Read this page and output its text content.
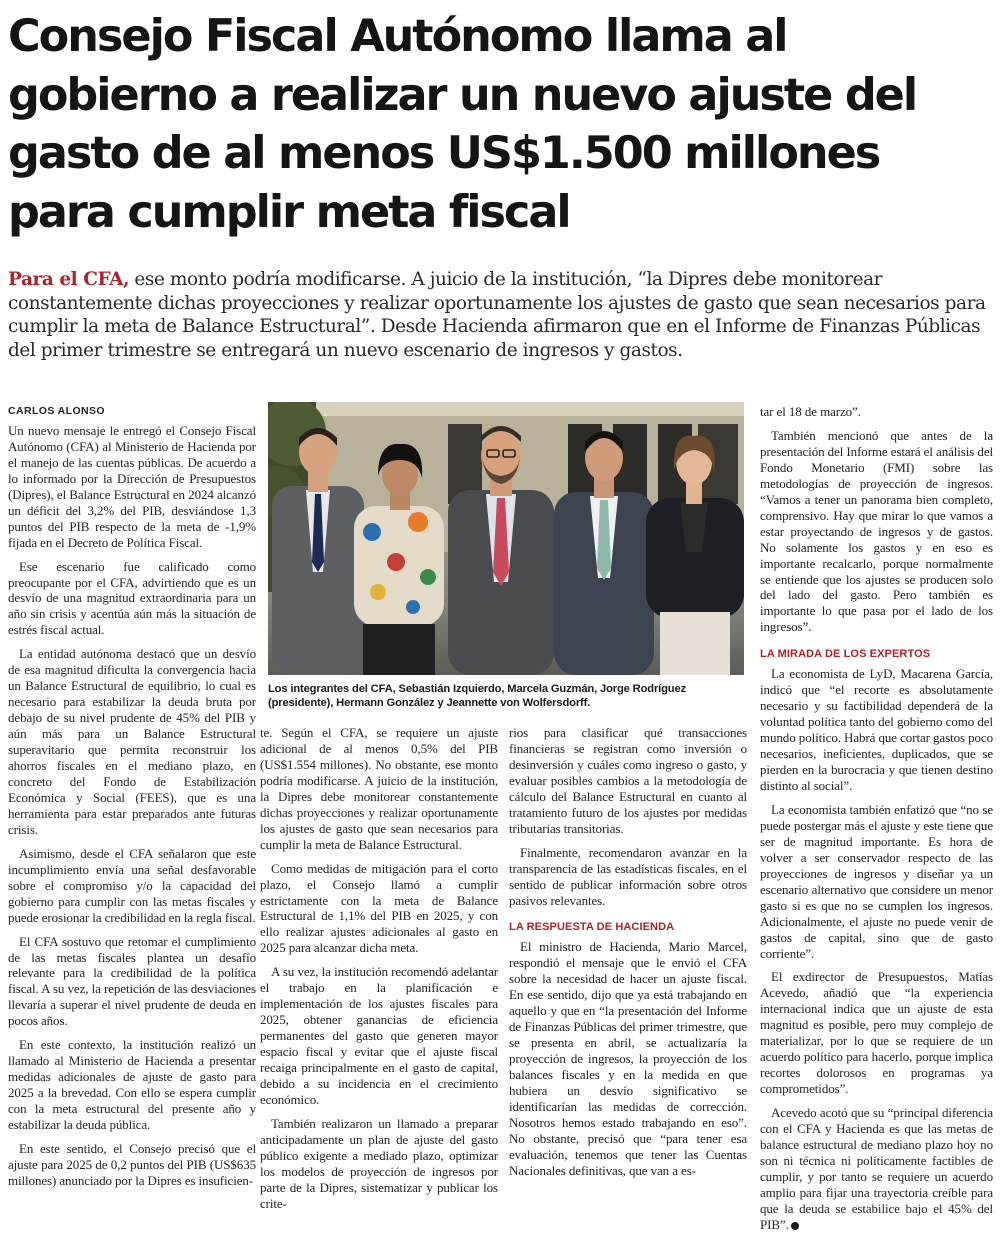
Consejo Fiscal Autónomo llama al gobierno a realizar un nuevo ajuste del gasto de al menos US$1.500 millones para cumplir meta fiscal

Para el CFA, ese monto podría modificarse. A juicio de la institución, “la Dipres debe monitorear constantemente dichas proyecciones y realizar oportunamente los ajustes de gasto que sean necesarios para cumplir la meta de Balance Estructural”. Desde Hacienda afirmaron que en el Informe de Finanzas Públicas del primer trimestre se entregará un nuevo escenario de ingresos y gastos.

CARLOS ALONSO

Un nuevo mensaje le entregó el Consejo Fiscal Autónomo (CFA) al Ministerio de Hacienda por el manejo de las cuentas públicas. De acuerdo a lo informado por la Dirección de Presupuestos (Dipres), el Balance Estructural en 2024 alcanzó un déficit del 3,2% del PIB, desviándose 1,3 puntos del PIB respecto de la meta de -1,9% fijada en el Decreto de Política Fiscal.

Ese escenario fue calificado como preocupante por el CFA, advirtiendo que es un desvío de una magnitud extraordinaria para un año sin crisis y acentúa aún más la situación de estrés fiscal actual.

La entidad autónoma destacó que un desvío de esa magnitud dificulta la convergencia hacia un Balance Estructural de equilibrio, lo cual es necesario para estabilizar la deuda bruta por debajo de su nivel prudente de 45% del PIB y aún más para un Balance Estructural superavitario que permita reconstruir los ahorros fiscales en el mediano plazo, en concreto del Fondo de Estabilización Económica y Social (FEES), que es una herramienta para estar preparados ante futuras crisis.

Asimismo, desde el CFA señalaron que este incumplimiento envía una señal desfavorable sobre el compromiso y/o la capacidad del gobierno para cumplir con las metas fiscales y puede erosionar la credibilidad en la regla fiscal.

El CFA sostuvo que retomar el cumplimiento de las metas fiscales plantea un desafío relevante para la credibilidad de la política fiscal. A su vez, la repetición de las desviaciones llevaría a superar el nivel prudente de deuda en pocos años.

En este contexto, la institución realizó un llamado al Ministerio de Hacienda a presentar medidas adicionales de ajuste de gasto para 2025 a la brevedad. Con ello se espera cumplir con la meta estructural del presente año y estabilizar la deuda pública.

En este sentido, el Consejo precisó que el ajuste para 2025 de 0,2 puntos del PIB (US$635 millones) anunciado por la Dipres es insuficien-

Los integrantes del CFA, Sebastián Izquierdo, Marcela Guzmán, Jorge Rodríguez (presidente), Hermann González y Jeannette von Wolfersdorff.

te. Según el CFA, se requiere un ajuste adicional de al menos 0,5% del PIB (US$1.554 millones). No obstante, ese monto podría modificarse. A juicio de la institución, la Dipres debe monitorear constantemente dichas proyecciones y realizar oportunamente los ajustes de gasto que sean necesarios para cumplir la meta de Balance Estructural.

Como medidas de mitigación para el corto plazo, el Consejo llamó a cumplir estrictamente con la meta de Balance Estructural de 1,1% del PIB en 2025, y con ello realizar ajustes adicionales al gasto en 2025 para alcanzar dicha meta.

A su vez, la institución recomendó adelantar el trabajo en la planificación e implementación de los ajustes fiscales para 2025, obtener ganancias de eficiencia permanentes del gasto que generen mayor espacio fiscal y evitar que el ajuste fiscal recaiga principalmente en el gasto de capital, debido a su incidencia en el crecimiento económico.

También realizaron un llamado a preparar anticipadamente un plan de ajuste del gasto público exigente a mediado plazo, optimizar los modelos de proyección de ingresos por parte de la Dipres, sistematizar y publicar los crite-

rios para clasificar qué transacciones financieras se registran como inversión o desinversión y cuáles como ingreso o gasto, y evaluar posibles cambios a la metodología de cálculo del Balance Estructural en cuanto al tratamiento futuro de los ajustes por medidas tributarias transitorias.

Finalmente, recomendaron avanzar en la transparencia de las estadísticas fiscales, en el sentido de publicar información sobre otros pasivos relevantes.

LA RESPUESTA DE HACIENDA

El ministro de Hacienda, Mario Marcel, respondió el mensaje que le envió el CFA sobre la necesidad de hacer un ajuste fiscal. En ese sentido, dijo que ya está trabajando en aquello y que en “la presentación del Informe de Finanzas Públicas del primer trimestre, que se presenta en abril, se actualizaría la proyección de ingresos, la proyección de los balances fiscales y en la medida en que hubiera un desvío significativo se identificarían las medidas de corrección. Nosotros hemos estado trabajando en eso”. No obstante, precisó que “para tener esa evaluación, tenemos que tener las Cuentas Nacionales definitivas, que van a es-

tar el 18 de marzo”.

También mencionó que antes de la presentación del Informe estará el análisis del Fondo Monetario (FMI) sobre las metodologías de proyección de ingresos. “Vamos a tener un panorama bien completo, comprensivo. Hay que mirar lo que vamos a estar proyectando de ingresos y de gastos. No solamente los gastos y en eso es importante recalcarlo, porque normalmente se entiende que los ajustes se producen solo del lado del gasto. Pero también es importante lo que pasa por el lado de los ingresos”.

LA MIRADA DE LOS EXPERTOS

La economista de LyD, Macarena García, indicó que “el recorte es absolutamente necesario y su factibilidad dependerá de la voluntad política tanto del gobierno como del mundo político. Habrá que cortar gastos poco necesarios, ineficientes, duplicados, que se pierden en la burocracia y que tienen destino distinto al social”.

La economista también enfatizó que “no se puede postergar más el ajuste y este tiene que ser de magnitud importante. Es hora de volver a ser conservador respecto de las proyecciones de ingresos y diseñar ya un escenario alternativo que considere un menor gasto si es que no se cumplen los ingresos. Adicionalmente, el ajuste no puede venir de gastos de capital, sino que de gasto corriente”.

El exdirector de Presupuestos, Matías Acevedo, añadió que “la experiencia internacional indica que un ajuste de esta magnitud es posible, pero muy complejo de materializar, por lo que se requiere de un acuerdo político para hacerlo, porque implica recortes dolorosos en programas ya comprometidos”.

Acevedo acotó que su “principal diferencia con el CFA y Hacienda es que las metas de balance estructural de mediano plazo hoy no son ni técnica ni políticamente factibles de cumplir, y por tanto se requiere un acuerdo amplio para fijar una trayectoria creíble para que la deuda se estabilice bajo el 45% del PIB”.
